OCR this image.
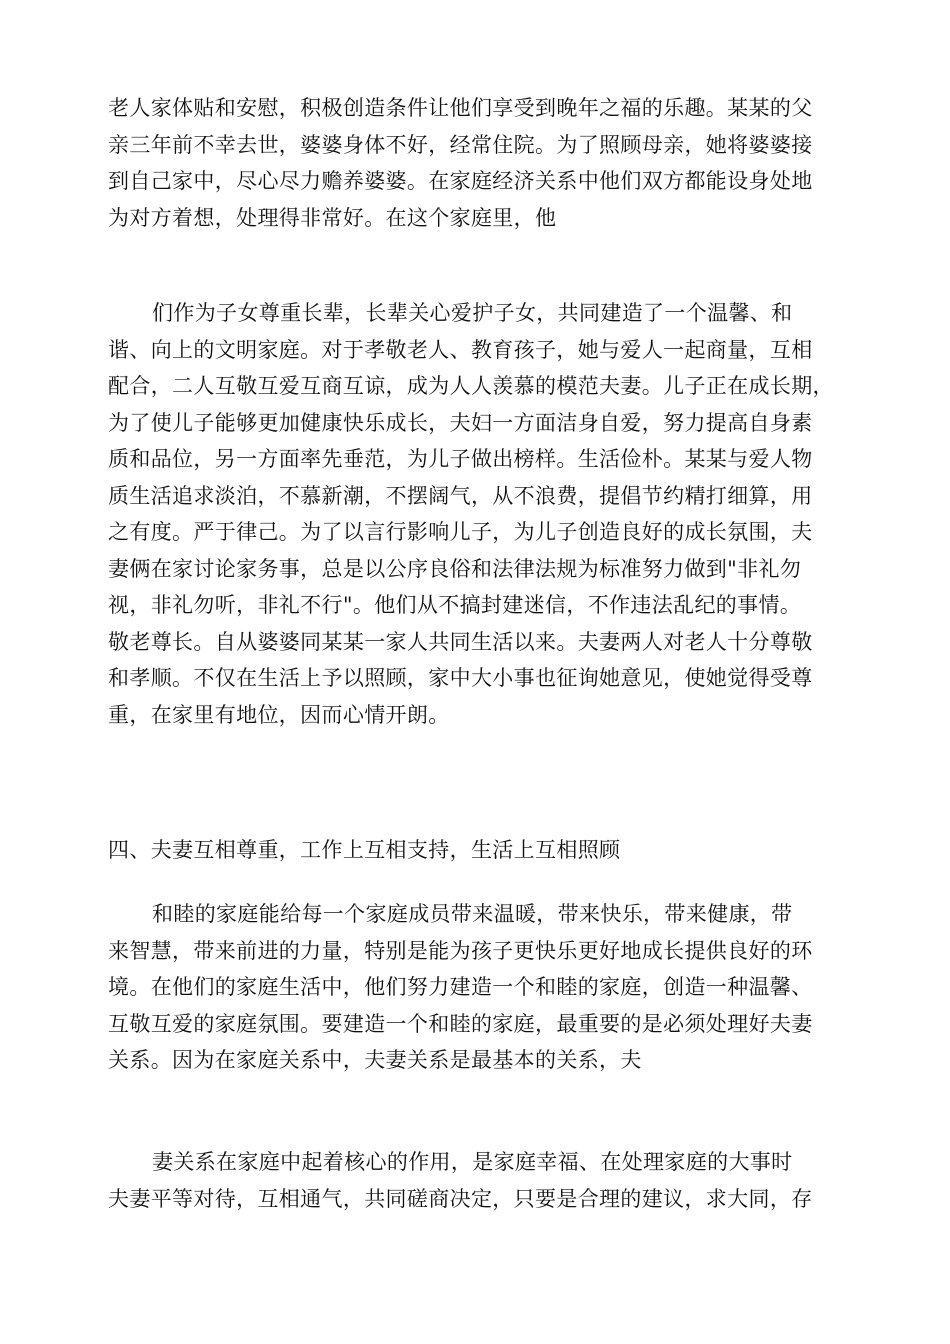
老人家体贴和安慰，积极创造条件让他们享受到晚年之福的乐趣。某某的父
亲三年前不幸去世，婆婆身体不好，经常住院。为了照顾母亲，她将婆婆接
到自己家中，尽心尽力赡养婆婆。在家庭经济关系中他们双方都能设身处地
为对方着想，处理得非常好。在这个家庭里，他
们作为子女尊重长辈，长辈关心爱护子女，共同建造了一个温馨、和
谐、向上的文明家庭。对于孝敬老人、教育孩子，她与爱人一起商量，互相
配合，二人互敬互爱互商互谅，成为人人羡慕的模范夫妻。儿子正在成长期，
为了使儿子能够更加健康快乐成长，夫妇一方面洁身自爱，努力提高自身素
质和品位，另一方面率先垂范，为儿子做出榜样。生活俭朴。某某与爱人物
质生活追求淡泊，不慕新潮，不摆阔气，从不浪费，提倡节约精打细算，用
之有度。严于律己。为了以言行影响儿子，为儿子创造良好的成长氛围，夫
妻俩在家讨论家务事，总是以公序良俗和法律法规为标准努力做到"非礼勿
视，非礼勿听，非礼不行"。他们从不搞封建迷信，不作违法乱纪的事情。
敬老尊长。自从婆婆同某某一家人共同生活以来。夫妻两人对老人十分尊敬
和孝顺。不仅在生活上予以照顾，家中大小事也征询她意见，使她觉得受尊
重，在家里有地位，因而心情开朗。
四、夫妻互相尊重，工作上互相支持，生活上互相照顾
和睦的家庭能给每一个家庭成员带来温暖，带来快乐，带来健康，带
来智慧，带来前进的力量，特别是能为孩子更快乐更好地成长提供良好的环
境。在他们的家庭生活中，他们努力建造一个和睦的家庭，创造一种温馨、
互敬互爱的家庭氛围。要建造一个和睦的家庭，最重要的是必须处理好夫妻
关系。因为在家庭关系中，夫妻关系是最基本的关系，夫
妻关系在家庭中起着核心的作用，是家庭幸福、在处理家庭的大事时
夫妻平等对待，互相通气，共同磋商决定，只要是合理的建议，求大同，存
